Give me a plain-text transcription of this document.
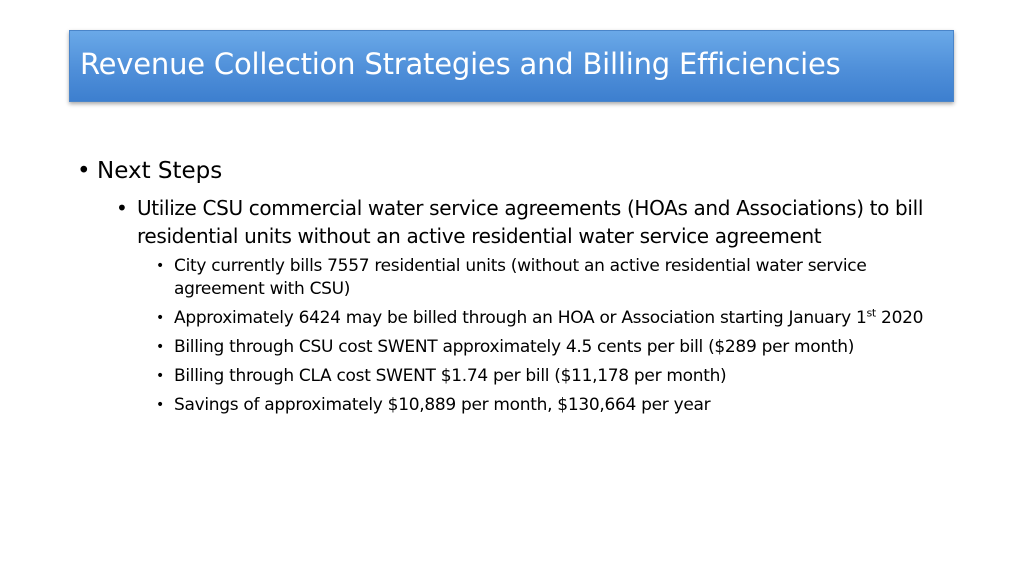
Revenue Collection Strategies and Billing Efficiencies
• Next Steps
• Utilize CSU commercial water service agreements (HOAs and Associations) to bill residential units without an active residential water service agreement
• City currently bills 7557 residential units (without an active residential water service agreement with CSU)
• Approximately 6424 may be billed through an HOA or Association starting January 1st 2020
• Billing through CSU cost SWENT approximately 4.5 cents per bill ($289 per month)
• Billing through CLA cost SWENT $1.74 per bill ($11,178 per month)
• Savings of approximately $10,889 per month, $130,664 per year
